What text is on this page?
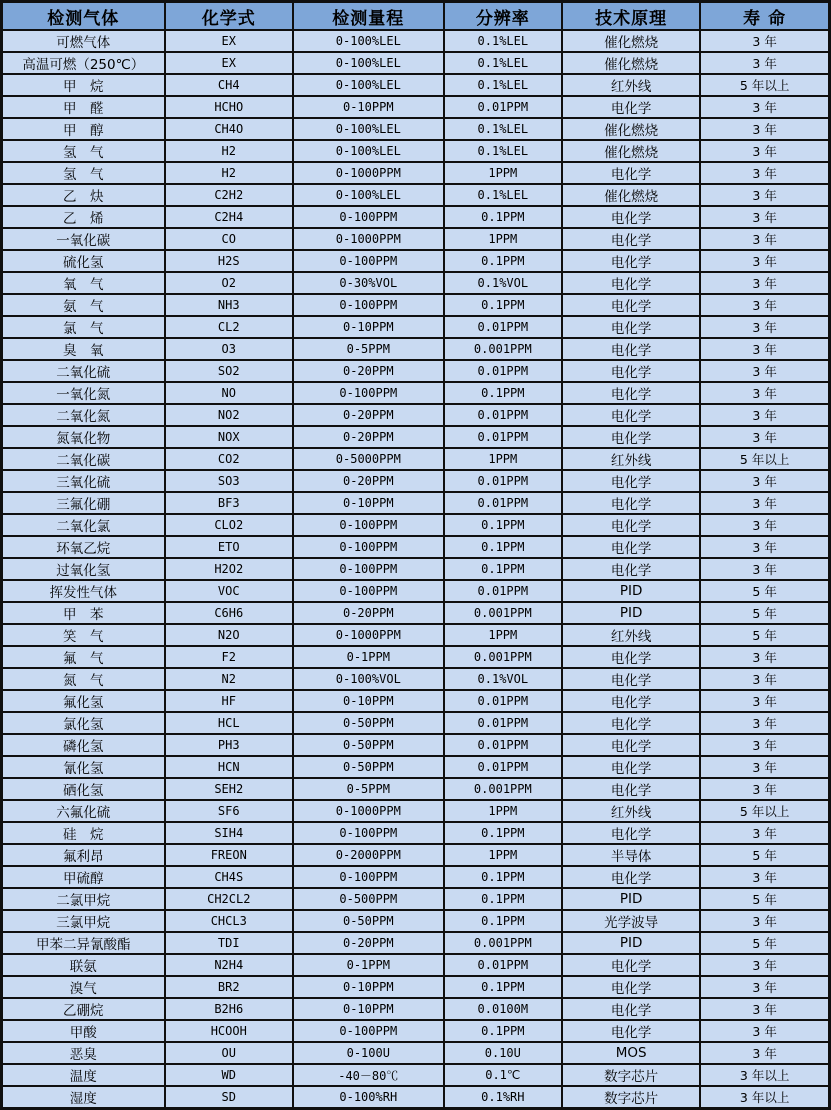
检测气体	化学式	检测量程	分辨率	技术原理	寿 命
可燃气体	EX	0-100%LEL	0.1%LEL	催化燃烧	3 年
高温可燃（250℃）	EX	0-100%LEL	0.1%LEL	催化燃烧	3 年
甲　烷	CH4	0-100%LEL	0.1%LEL	红外线	5 年以上
甲　醛	HCHO	0-10PPM	0.01PPM	电化学	3 年
甲　醇	CH4O	0-100%LEL	0.1%LEL	催化燃烧	3 年
氢　气	H2	0-100%LEL	0.1%LEL	催化燃烧	3 年
氢　气	H2	0-1000PPM	1PPM	电化学	3 年
乙　炔	C2H2	0-100%LEL	0.1%LEL	催化燃烧	3 年
乙　烯	C2H4	0-100PPM	0.1PPM	电化学	3 年
一氧化碳	CO	0-1000PPM	1PPM	电化学	3 年
硫化氢	H2S	0-100PPM	0.1PPM	电化学	3 年
氧　气	O2	0-30%VOL	0.1%VOL	电化学	3 年
氨　气	NH3	0-100PPM	0.1PPM	电化学	3 年
氯　气	CL2	0-10PPM	0.01PPM	电化学	3 年
臭　氧	O3	0-5PPM	0.001PPM	电化学	3 年
二氧化硫	SO2	0-20PPM	0.01PPM	电化学	3 年
一氧化氮	NO	0-100PPM	0.1PPM	电化学	3 年
二氧化氮	NO2	0-20PPM	0.01PPM	电化学	3 年
氮氧化物	NOX	0-20PPM	0.01PPM	电化学	3 年
二氧化碳	CO2	0-5000PPM	1PPM	红外线	5 年以上
三氧化硫	SO3	0-20PPM	0.01PPM	电化学	3 年
三氟化硼	BF3	0-10PPM	0.01PPM	电化学	3 年
二氧化氯	CLO2	0-100PPM	0.1PPM	电化学	3 年
环氧乙烷	ETO	0-100PPM	0.1PPM	电化学	3 年
过氧化氢	H2O2	0-100PPM	0.1PPM	电化学	3 年
挥发性气体	VOC	0-100PPM	0.01PPM	PID	5 年
甲　苯	C6H6	0-20PPM	0.001PPM	PID	5 年
笑　气	N2O	0-1000PPM	1PPM	红外线	5 年
氟　气	F2	0-1PPM	0.001PPM	电化学	3 年
氮　气	N2	0-100%VOL	0.1%VOL	电化学	3 年
氟化氢	HF	0-10PPM	0.01PPM	电化学	3 年
氯化氢	HCL	0-50PPM	0.01PPM	电化学	3 年
磷化氢	PH3	0-50PPM	0.01PPM	电化学	3 年
氰化氢	HCN	0-50PPM	0.01PPM	电化学	3 年
硒化氢	SEH2	0-5PPM	0.001PPM	电化学	3 年
六氟化硫	SF6	0-1000PPM	1PPM	红外线	5 年以上
硅　烷	SIH4	0-100PPM	0.1PPM	电化学	3 年
氟利昂	FREON	0-2000PPM	1PPM	半导体	5 年
甲硫醇	CH4S	0-100PPM	0.1PPM	电化学	3 年
二氯甲烷	CH2CL2	0-500PPM	0.1PPM	PID	5 年
三氯甲烷	CHCL3	0-50PPM	0.1PPM	光学波导	3 年
甲苯二异氰酸酯	TDI	0-20PPM	0.001PPM	PID	5 年
联氨	N2H4	0-1PPM	0.01PPM	电化学	3 年
溴气	BR2	0-10PPM	0.1PPM	电化学	3 年
乙硼烷	B2H6	0-10PPM	0.0100M	电化学	3 年
甲酸	HCOOH	0-100PPM	0.1PPM	电化学	3 年
恶臭	OU	0-100U	0.10U	MOS	3 年
温度	WD	-40－80℃	0.1℃	数字芯片	3 年以上
湿度	SD	0-100%RH	0.1%RH	数字芯片	3 年以上
